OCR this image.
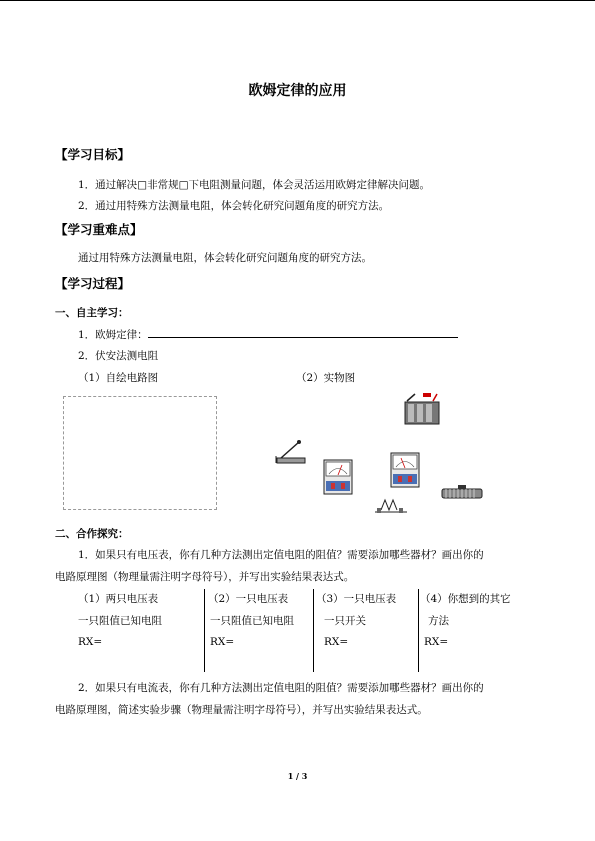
欧姆定律的应用
【学习目标】
1．通过解决□非常规□下电阻测量问题，体会灵活运用欧姆定律解决问题。
2．通过用特殊方法测量电阻，体会转化研究问题角度的研究方法。
【学习重难点】
通过用特殊方法测量电阻，体会转化研究问题角度的研究方法。
【学习过程】
一、自主学习：
1．欧姆定律：
2．伏安法测电阻
（1）自绘电路图	（2）实物图
二、合作探究：
1．如果只有电压表，你有几种方法测出定值电阻的阻值？需要添加哪些器材？画出你的
电路原理图（物理量需注明字母符号），并写出实验结果表达式。
（1）两只电压表
一只阻值已知电阻
RX=
（2）一只电压表
一只阻值已知电阻
RX=
（3）一只电压表
一只开关
RX=
（4）你想到的其它
方法
RX=
2．如果只有电流表，你有几种方法测出定值电阻的阻值？需要添加哪些器材？画出你的
电路原理图，简述实验步骤（物理量需注明字母符号），并写出实验结果表达式。
1 / 3
